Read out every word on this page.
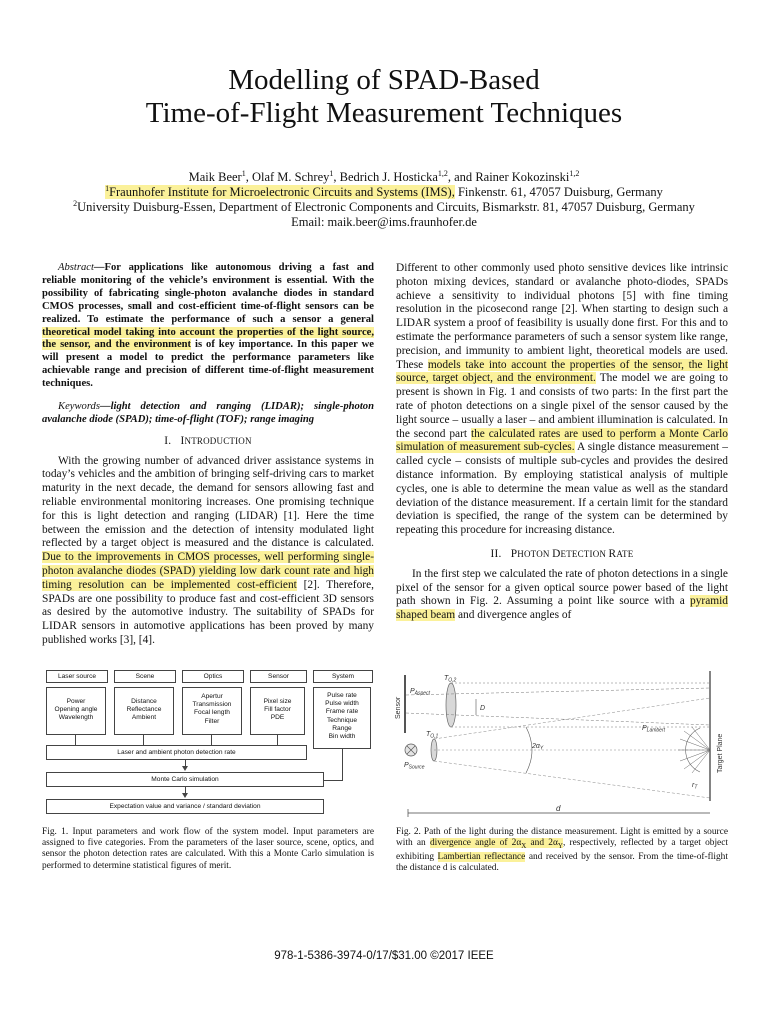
Modelling of SPAD-Based
Time-of-Flight Measurement Techniques
Maik Beer$^1$, Olaf M. Schrey$^1$, Bedrich J. Hosticka$^{1,2}$, and Rainer Kokozinski$^{1,2}$
$^1$Fraunhofer Institute for Microelectronic Circuits and Systems (IMS), Finkenstr. 61, 47057 Duisburg, Germany
$^2$University Duisburg-Essen, Department of Electronic Components and Circuits, Bismarkstr. 81, 47057 Duisburg, Germany
Email: maik.beer@ims.fraunhofer.de

Abstract—For applications like autonomous driving a fast and reliable monitoring of the vehicle’s environment is essential. With the possibility of fabricating single-photon avalanche diodes in standard CMOS processes, small and cost-efficient time-of-flight sensors can be realized. To estimate the performance of such a sensor a general theoretical model taking into account the properties of the light source, the sensor, and the environment is of key importance. In this paper we will present a model to predict the performance parameters like achievable range and precision of different time-of-flight measurement techniques.

Keywords—light detection and ranging (LIDAR); single-photon avalanche diode (SPAD); time-of-flight (TOF); range imaging

I. INTRODUCTION

With the growing number of advanced driver assistance systems in today’s vehicles and the ambition of bringing self-driving cars to market maturity in the next decade, the demand for sensors allowing fast and reliable environmental monitoring increases. One promising technique for this is light detection and ranging (LIDAR) [1]. Here the time between the emission and the detection of intensity modulated light reflected by a target object is measured and the distance is calculated. Due to the improvements in CMOS processes, well performing single-photon avalanche diodes (SPAD) yielding low dark count rate and high timing resolution can be implemented cost-efficient [2]. Therefore, SPADs are one possibility to produce fast and cost-efficient 3D sensors as desired by the automotive industry. The suitability of SPADs for LIDAR sensors in automotive applications has been proved by many published works [3], [4].

Different to other commonly used photo sensitive devices like intrinsic photon mixing devices, standard or avalanche photo-diodes, SPADs achieve a sensitivity to individual photons [5] with fine timing resolution in the picosecond range [2]. When starting to design such a LIDAR system a proof of feasibility is usually done first. For this and to estimate the performance parameters of such a sensor system like range, precision, and immunity to ambient light, theoretical models are used. These models take into account the properties of the sensor, the light source, target object, and the environment. The model we are going to present is shown in Fig. 1 and consists of two parts: In the first part the rate of photon detections on a single pixel of the sensor caused by the light source – usually a laser – and ambient illumination is calculated. In the second part the calculated rates are used to perform a Monte Carlo simulation of measurement sub-cycles. A single distance measurement – called cycle – consists of multiple sub-cycles and provides the desired distance information. By employing statistical analysis of multiple cycles, one is able to determine the mean value as well as the standard deviation of the distance measurement. If a certain limit for the standard deviation is specified, the range of the system can be determined by repeating this procedure for increasing distance.

II. PHOTON DETECTION RATE

In the first step we calculated the rate of photon detections in a single pixel of the sensor for a given optical source power based of the light path shown in Fig. 2. Assuming a point like source with a pyramid shaped beam and divergence angles of

Laser source	Scene	Optics	Sensor	System
Power
Opening angle
Wavelength
Distance
Reflectance
Ambient
Apertur
Transmission
Focal length
Filter
Pixel size
Fill factor
PDE
Pulse rate
Pulse width
Frame rate
Technique
Range
Bin width
Laser and ambient photon detection rate
Monte Carlo simulation
Expectation value and variance / standard deviation
Sensor
Target Plane
D
$P_{Aspect}$
$T_{O,2}$
$T_{O,1}$
$2\alpha_Y$
$P_{Lambert}$
$P_{Source}$
$r_T$
d
Fig. 1. Input parameters and work flow of the system model. Input parameters are assigned to five categories. From the parameters of the laser source, scene, optics, and sensor the photon detection rates are calculated. With this a Monte Carlo simulation is performed to determine statistical figures of merit.
Fig. 2. Path of the light during the distance measurement. Light is emitted by a source with an divergence angle of $2\alpha_X$ and $2\alpha_Y$, respectively, reflected by a target object exhibiting Lambertian reflectance and received by the sensor. From the time-of-flight the distance d is calculated.
978-1-5386-3974-0/17/$31.00 ©2017 IEEE
